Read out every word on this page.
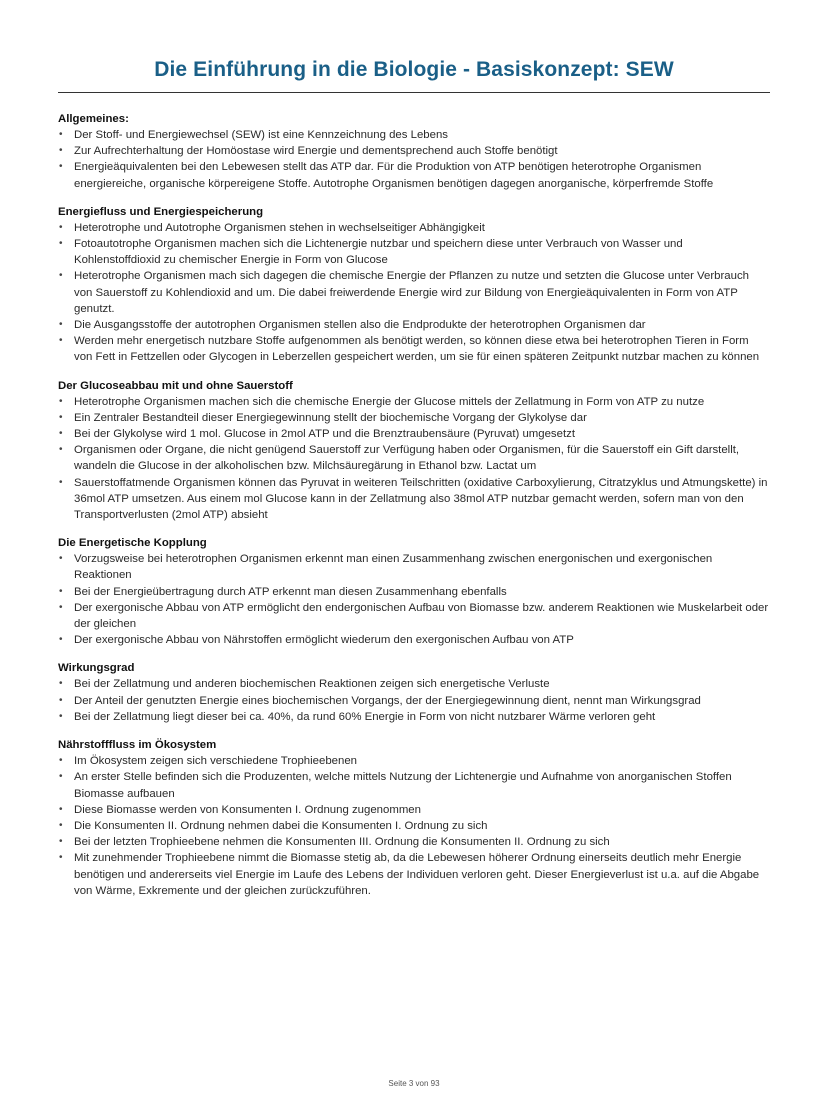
Die Einführung in die Biologie - Basiskonzept: SEW
Allgemeines:
• Der Stoff- und Energiewechsel (SEW) ist eine Kennzeichnung des Lebens
• Zur Aufrechterhaltung der Homöostase wird Energie und dementsprechend auch Stoffe benötigt
• Energieäquivalenten bei den Lebewesen stellt das ATP dar. Für die Produktion von ATP benötigen heterotrophe Organismen energiereiche, organische körpereigene Stoffe. Autotrophe Organismen benötigen dagegen anorganische, körperfremde Stoffe
Energiefluss und Energiespeicherung
• Heterotrophe und Autotrophe Organismen stehen in wechselseitiger Abhängigkeit
• Fotoautotrophe Organismen machen sich die Lichtenergie nutzbar und speichern diese unter Verbrauch von Wasser und Kohlenstoffdioxid zu chemischer Energie in Form von Glucose
• Heterotrophe Organismen mach sich dagegen die chemische Energie der Pflanzen zu nutze und setzten die Glucose unter Verbrauch von Sauerstoff zu Kohlendioxid and um. Die dabei freiwerdende Energie wird zur Bildung von Energieäquivalenten in Form von ATP genutzt.
• Die Ausgangsstoffe der autotrophen Organismen stellen also die Endprodukte der heterotrophen Organismen dar
• Werden mehr energetisch nutzbare Stoffe aufgenommen als benötigt werden, so können diese etwa bei heterotrophen Tieren in Form von Fett in Fettzellen oder Glycogen in Leberzellen gespeichert werden, um sie für einen späteren Zeitpunkt nutzbar machen zu können
Der Glucoseabbau mit und ohne Sauerstoff
• Heterotrophe Organismen machen sich die chemische Energie der Glucose mittels der Zellatmung in Form von ATP zu nutze
• Ein Zentraler Bestandteil dieser Energiegewinnung stellt der biochemische Vorgang der Glykolyse dar
• Bei der Glykolyse wird 1 mol. Glucose in 2mol ATP und die Brenztraubensäure (Pyruvat) umgesetzt
• Organismen oder Organe, die nicht genügend Sauerstoff zur Verfügung haben oder Organismen, für die Sauerstoff ein Gift darstellt, wandeln die Glucose in der alkoholischen bzw. Milchsäuregärung in Ethanol bzw. Lactat um
• Sauerstoffatmende Organismen können das Pyruvat in weiteren Teilschritten (oxidative Carboxylierung, Citratzyklus und Atmungskette) in 36mol ATP umsetzen. Aus einem mol Glucose kann in der Zellatmung also 38mol ATP nutzbar gemacht werden, sofern man von den Transportverlusten (2mol ATP) absieht
Die Energetische Kopplung
• Vorzugsweise bei heterotrophen Organismen erkennt man einen Zusammenhang zwischen energonischen und exergonischen Reaktionen
• Bei der Energieübertragung durch ATP erkennt man diesen Zusammenhang ebenfalls
• Der exergonische Abbau von ATP ermöglicht den endergonischen Aufbau von Biomasse bzw. anderem Reaktionen wie Muskelarbeit oder der gleichen
• Der exergonische Abbau von Nährstoffen ermöglicht wiederum den exergonischen Aufbau von ATP
Wirkungsgrad
• Bei der Zellatmung und anderen biochemischen Reaktionen zeigen sich energetische Verluste
• Der Anteil der genutzten Energie eines biochemischen Vorgangs, der der Energiegewinnung dient, nennt man Wirkungsgrad
• Bei der Zellatmung liegt dieser bei ca. 40%, da rund 60% Energie in Form von nicht nutzbarer Wärme verloren geht
Nährstofffluss im Ökosystem
• Im Ökosystem zeigen sich verschiedene Trophieebenen
• An erster Stelle befinden sich die Produzenten, welche mittels Nutzung der Lichtenergie und Aufnahme von anorganischen Stoffen Biomasse aufbauen
• Diese Biomasse werden von Konsumenten I. Ordnung zugenommen
• Die Konsumenten II. Ordnung nehmen dabei die Konsumenten I. Ordnung zu sich
• Bei der letzten Trophieebene nehmen die Konsumenten III. Ordnung die Konsumenten II. Ordnung zu sich
• Mit zunehmender Trophieebene nimmt die Biomasse stetig ab, da die Lebewesen höherer Ordnung einerseits deutlich mehr Energie benötigen und andererseits viel Energie im Laufe des Lebens der Individuen verloren geht. Dieser Energieverlust ist u.a. auf die Abgabe von Wärme, Exkremente und der gleichen zurückzuführen.
Seite 3 von 93
